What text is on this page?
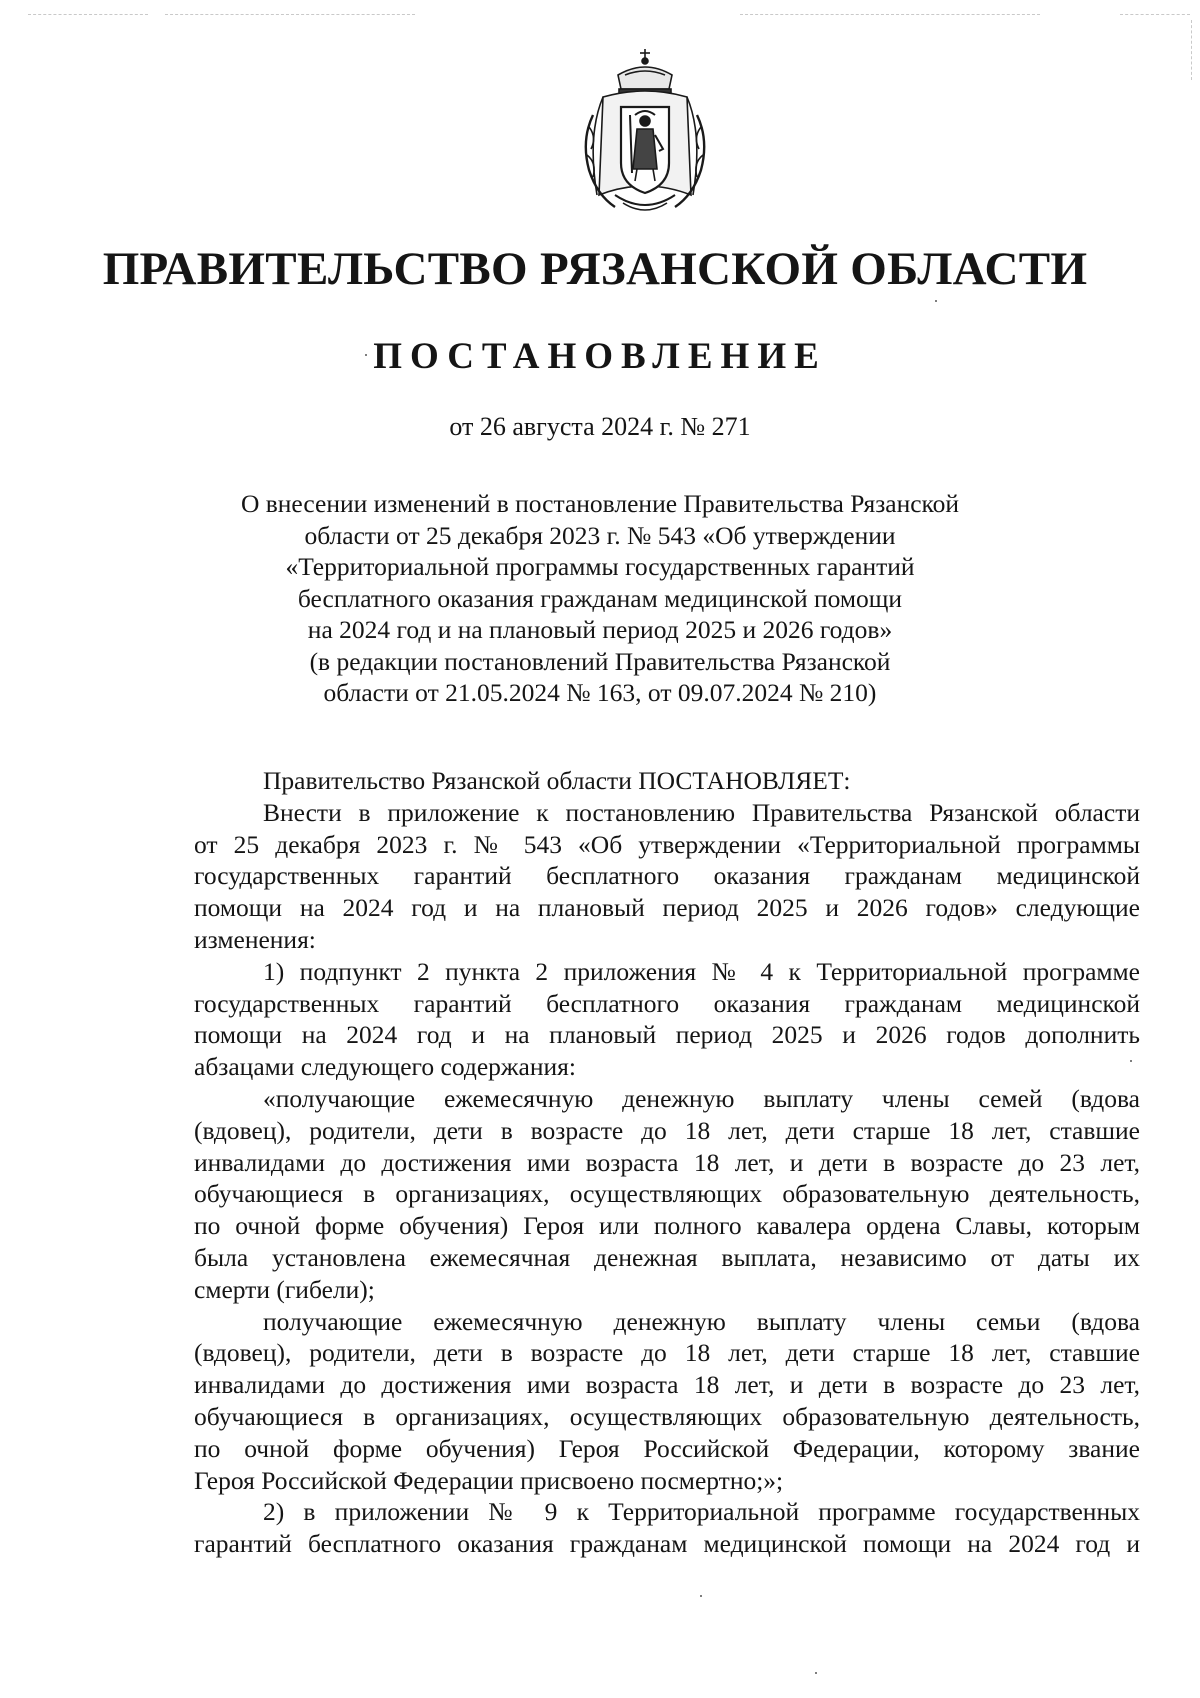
ПРАВИТЕЛЬСТВО РЯЗАНСКОЙ ОБЛАСТИ
ПОСТАНОВЛЕНИЕ

от 26 августа 2024 г. № 271

О внесении изменений в постановление Правительства Рязанской
области от 25 декабря 2023 г. № 543 «Об утверждении
«Территориальной программы государственных гарантий
бесплатного оказания гражданам медицинской помощи
на 2024 год и на плановый период 2025 и 2026 годов»
(в редакции постановлений Правительства Рязанской
области от 21.05.2024 № 163, от 09.07.2024 № 210)
Правительство Рязанской области ПОСТАНОВЛЯЕТ:
Внести в приложение к постановлению Правительства Рязанской области
от 25 декабря 2023 г. № 543 «Об утверждении «Территориальной программы
государственных гарантий бесплатного оказания гражданам медицинской
помощи на 2024 год и на плановый период 2025 и 2026 годов» следующие
изменения:
1) подпункт 2 пункта 2 приложения № 4 к Территориальной программе
государственных гарантий бесплатного оказания гражданам медицинской
помощи на 2024 год и на плановый период 2025 и 2026 годов дополнить
абзацами следующего содержания:
«получающие ежемесячную денежную выплату члены семей (вдова
(вдовец), родители, дети в возрасте до 18 лет, дети старше 18 лет, ставшие
инвалидами до достижения ими возраста 18 лет, и дети в возрасте до 23 лет,
обучающиеся в организациях, осуществляющих образовательную деятельность,
по очной форме обучения) Героя или полного кавалера ордена Славы, которым
была установлена ежемесячная денежная выплата, независимо от даты их
смерти (гибели);
получающие ежемесячную денежную выплату члены семьи (вдова
(вдовец), родители, дети в возрасте до 18 лет, дети старше 18 лет, ставшие
инвалидами до достижения ими возраста 18 лет, и дети в возрасте до 23 лет,
обучающиеся в организациях, осуществляющих образовательную деятельность,
по очной форме обучения) Героя Российской Федерации, которому звание
Героя Российской Федерации присвоено посмертно;»;
2) в приложении № 9 к Территориальной программе государственных
гарантий бесплатного оказания гражданам медицинской помощи на 2024 год и
